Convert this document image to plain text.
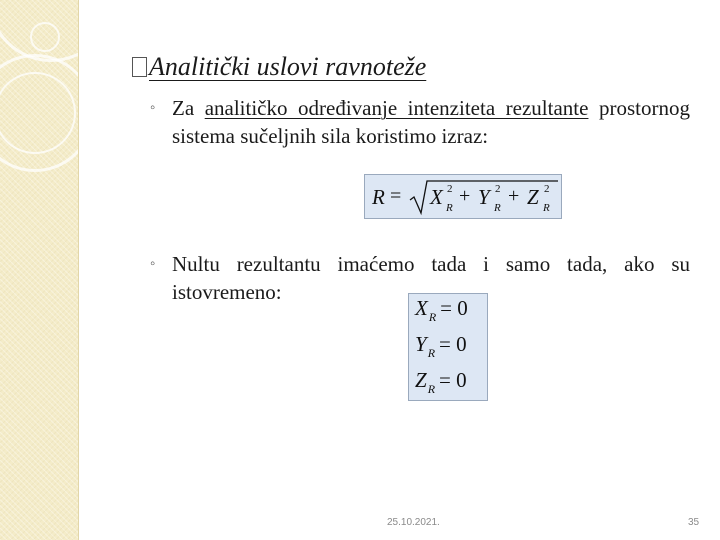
Analitički uslovi ravnoteže
◦ Za analitičko određivanje intenziteta rezultante prostornog sistema sučeljnih sila koristimo izraz:
R = X 2
R
+ Y 2
R
+ Z 2
R
◦ Nultu rezultantu imaćemo tada i samo tada, ako su istovremeno:
$X_R = 0$
$Y_R = 0$
$Z_R = 0$
25.10.2021.	35
